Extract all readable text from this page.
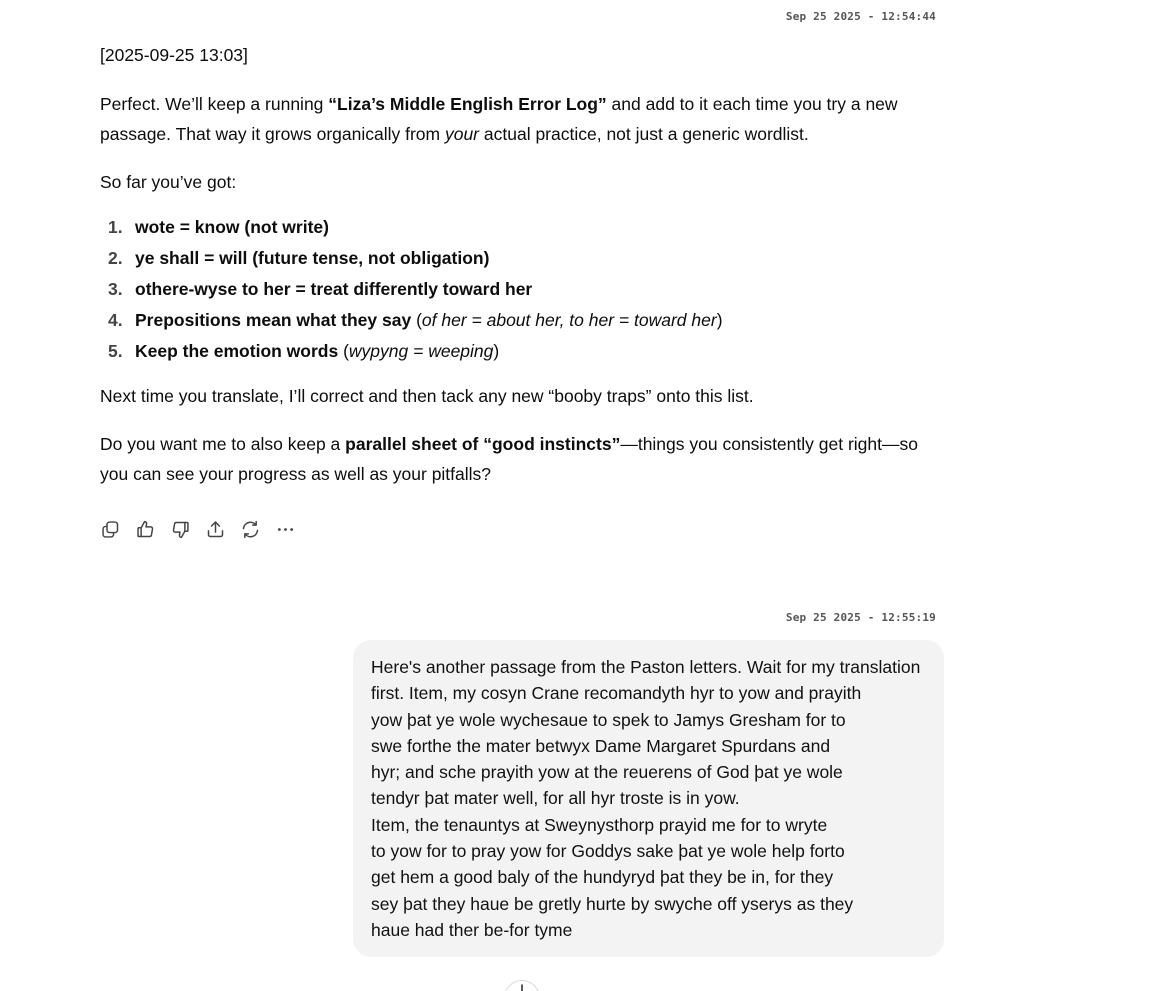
Sep 25 2025 - 12:54:44

[2025-09-25 13:03]

Perfect. We’ll keep a running “Liza’s Middle English Error Log” and add to it each time you try a new passage. That way it grows organically from your actual practice, not just a generic wordlist.

So far you’ve got:

1. wote = know (not write)
2. ye shall = will (future tense, not obligation)
3. othere-wyse to her = treat differently toward her
4. Prepositions mean what they say (of her = about her, to her = toward her)
5. Keep the emotion words (wypyng = weeping)

Next time you translate, I’ll correct and then tack any new “booby traps” onto this list.

Do you want me to also keep a parallel sheet of “good instincts”—things you consistently get right—so you can see your progress as well as your pitfalls?

Sep 25 2025 - 12:55:19
Here's another passage from the Paston letters. Wait for my translation
first. Item, my cosyn Crane recomandyth hyr to yow and prayith
yow þat ye wole wychesaue to spek to Jamys Gresham for to
swe forthe the mater betwyx Dame Margaret Spurdans and
hyr; and sche prayith yow at the reuerens of God þat ye wole
tendyr þat mater well, for all hyr troste is in yow.
Item, the tenauntys at Sweynysthorp prayid me for to wryte
to yow for to pray yow for Goddys sake þat ye wole help forto
get hem a good baly of the hundyryd þat they be in, for they
sey þat they haue be gretly hurte by swyche off yserys as they
haue had ther be-for tyme
